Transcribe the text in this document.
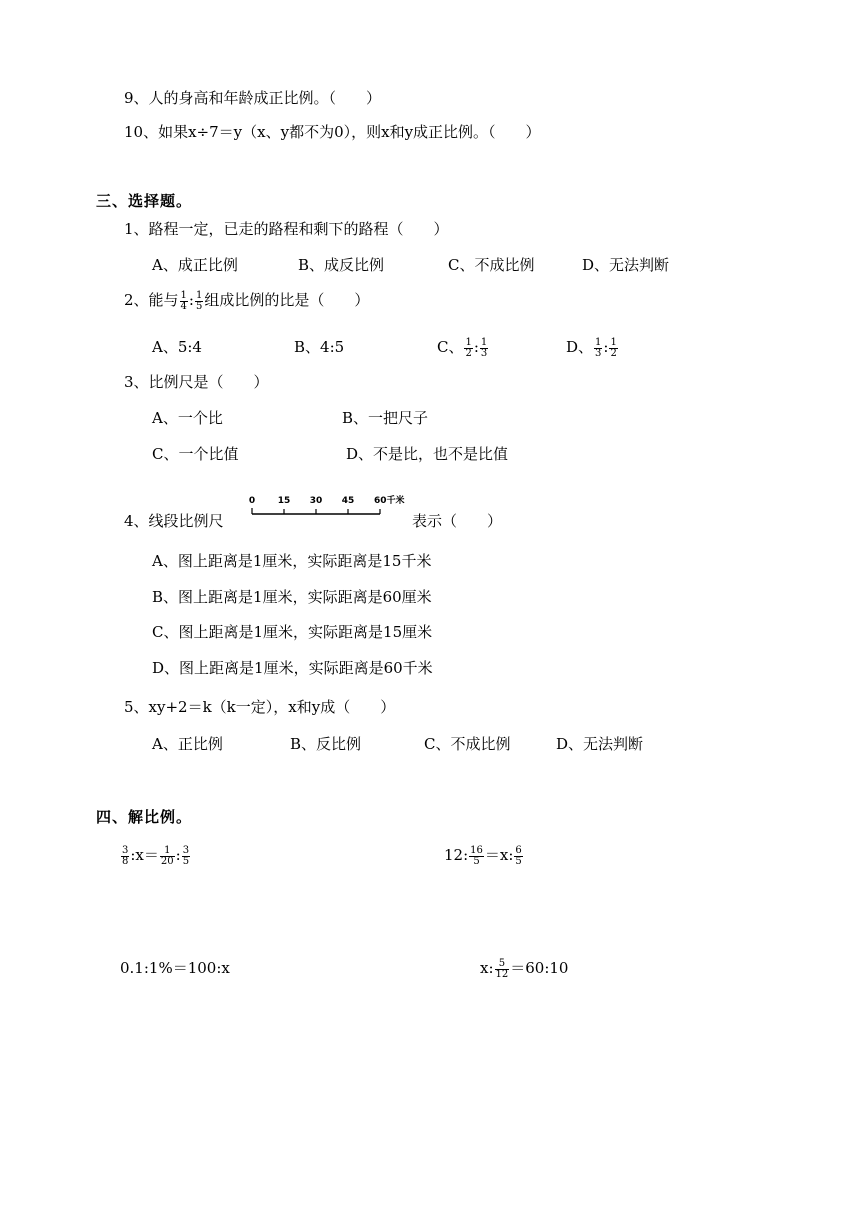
9、人的身高和年龄成正比例。（　　）
10、如果x÷7＝y（x、y都不为0），则x和y成正比例。（　　）
三、选择题。
1、路程一定，已走的路程和剩下的路程（　　）
A、成正比例	B、成反比例	C、不成比例	D、无法判断
2、能与 $\frac{1}{4}$ : $\frac{1}{5}$ 组成比例的比是（　　）
A、5:4	B、4:5	C、 $\frac{1}{2}$ : $\frac{1}{3}$	D、 $\frac{1}{3}$ : $\frac{1}{2}$
3、比例尺是（　　）
A、一个比	B、一把尺子
C、一个比值	D、不是比，也不是比值
4、线段比例尺
0	15 30 45 60千米
表示（　　）
A、图上距离是1厘米，实际距离是15千米
B、图上距离是1厘米，实际距离是60厘米
C、图上距离是1厘米，实际距离是15厘米
D、图上距离是1厘米，实际距离是60千米
5、xy+2＝k（k一定），x和y成（　　）
A、正比例	B、反比例	C、不成比例	D、无法判断
四、解比例。
$\frac{3}{8}$ :x＝ $\frac{1}{20}$ : $\frac{3}{5}$	12: $\frac{16}{5} =x$: $\frac{6}{5}$
0.1:1%＝100:x	x: $\frac{5}{12}$ ＝60:10
